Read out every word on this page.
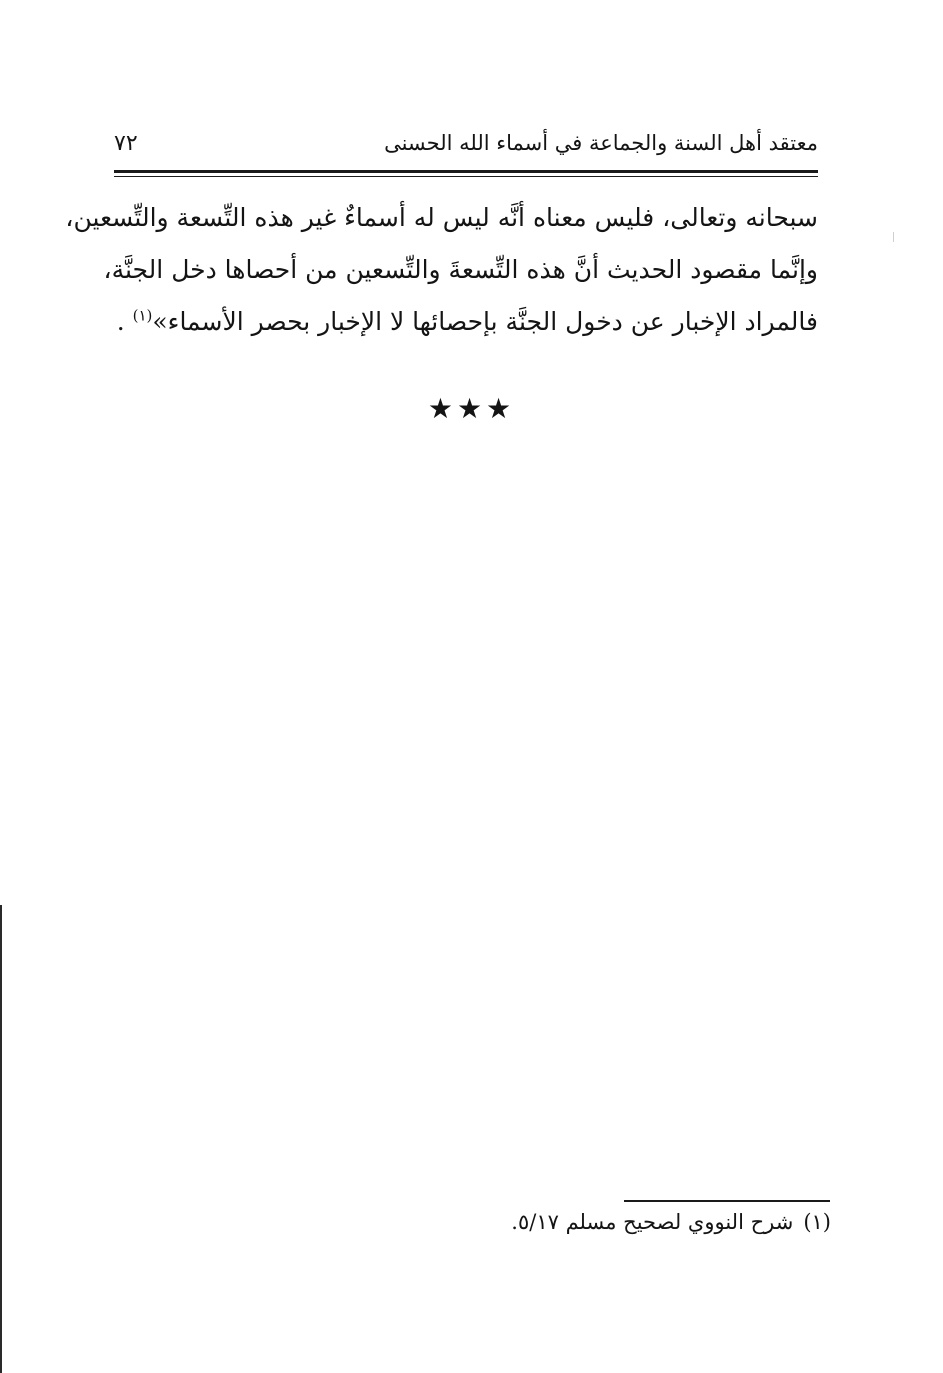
٧٢	معتقد أهل السنة والجماعة في أسماء الله الحسنى
سبحانه وتعالى، فليس معناه أنَّه ليس له أسماءٌ غير هذه التِّسعة والتِّسعين،
وإنَّما مقصود الحديث أنَّ هذه التِّسعةَ والتِّسعين من أحصاها دخل الجنَّة،
فالمراد الإخبار عن دخول الجنَّة بإحصائها لا الإخبار بحصر الأسماء»$^{(١)}$ .
★★★
(١)شرح النووي لصحيح مسلم ٥/١٧.
